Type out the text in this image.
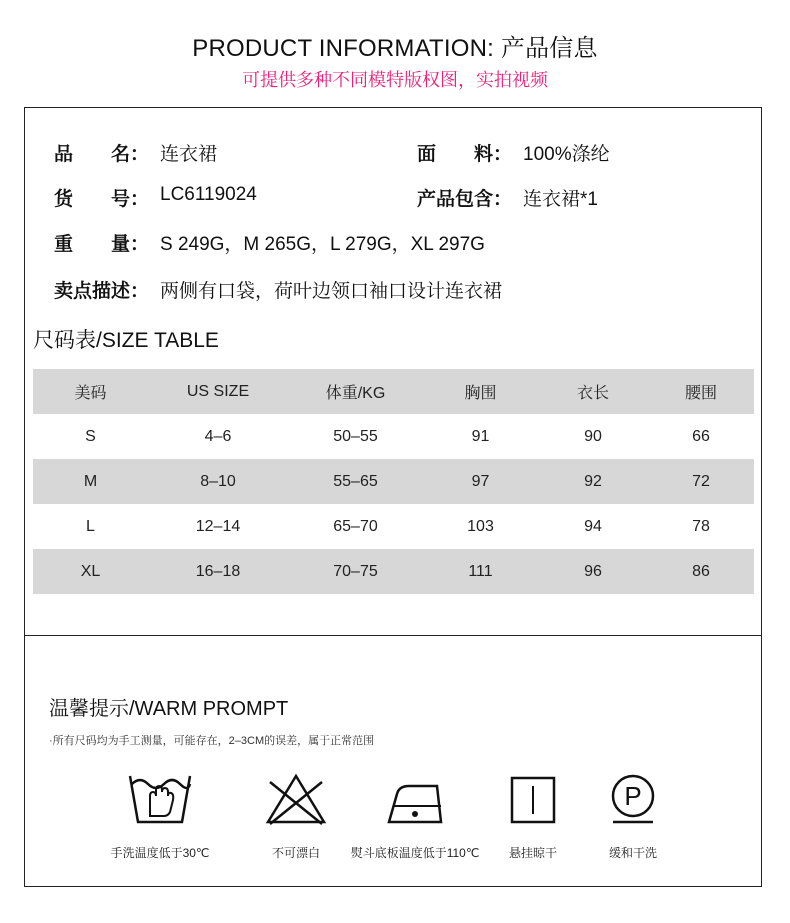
PRODUCT INFORMATION: 产品信息
可提供多种不同模特版权图，实拍视频
品　　名： 连衣裙	面　　料： 100%涤纶
货　　号： LC6119024	产品包含： 连衣裙*1
重　　量： S 249G，M 265G，L 279G，XL 297G
卖点描述： 两侧有口袋，荷叶边领口袖口设计连衣裙
尺码表/SIZE TABLE
美码	US SIZE	体重/KG	胸围	衣长	腰围
S	4–6	50–55	91	90	66
M	8–10	55–65	97	92	72
L	12–14	65–70	103	94	78
XL	16–18	70–75	111	96	86
温馨提示/WARM PROMPT
·所有尺码均为手工测量，可能存在，2–3CM的误差，属于正常范围
手洗温度低于30℃	不可漂白	熨斗底板温度低于110℃	悬挂晾干
P
缓和干洗
